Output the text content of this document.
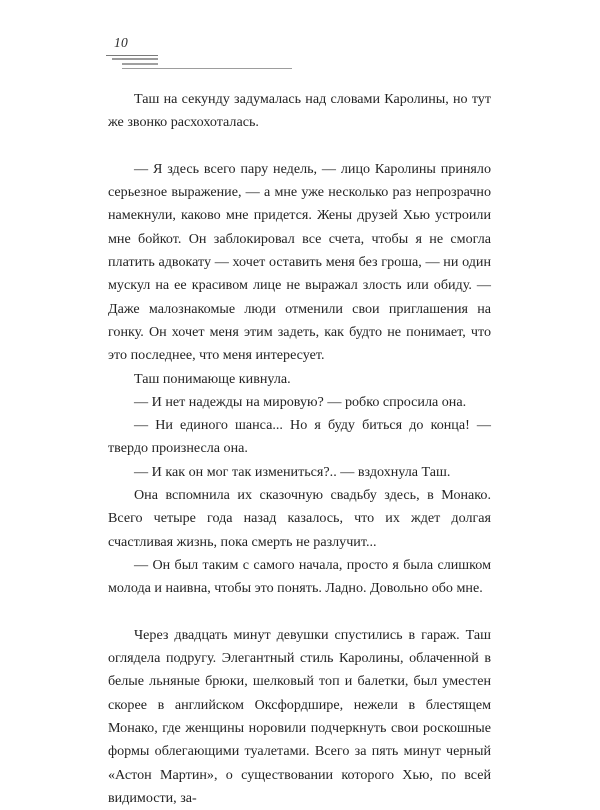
10

Таш на секунду задумалась над словами Каролины, но тут же звонко расхохоталась.

— Я здесь всего пару недель, — лицо Каролины приняло серьезное выражение, — а мне уже несколько раз непрозрачно намекнули, каково мне придется. Жены друзей Хью устроили мне бойкот. Он заблокировал все счета, чтобы я не смогла платить адвокату — хочет оставить меня без гроша, — ни один мускул на ее красивом лице не выражал злость или обиду. — Даже малознакомые люди отменили свои приглашения на гонку. Он хочет меня этим задеть, как будто не понимает, что это последнее, что меня интересует.

Таш понимающе кивнула.

— И нет надежды на мировую? — робко спросила она.

— Ни единого шанса... Но я буду биться до конца! — твердо произнесла она.

— И как он мог так измениться?.. — вздохнула Таш.

Она вспомнила их сказочную свадьбу здесь, в Монако. Всего четыре года назад казалось, что их ждет долгая счастливая жизнь, пока смерть не разлучит...

— Он был таким с самого начала, просто я была слишком молода и наивна, чтобы это понять. Ладно. Довольно обо мне.

Через двадцать минут девушки спустились в гараж. Таш оглядела подругу. Элегантный стиль Каролины, облаченной в белые льняные брюки, шелковый топ и балетки, был уместен скорее в английском Оксфордшире, нежели в блестящем Монако, где женщины норовили подчеркнуть свои роскошные формы облегающими туалетами. Всего за пять минут черный «Астон Мартин», о существовании которого Хью, по всей видимости, за-
